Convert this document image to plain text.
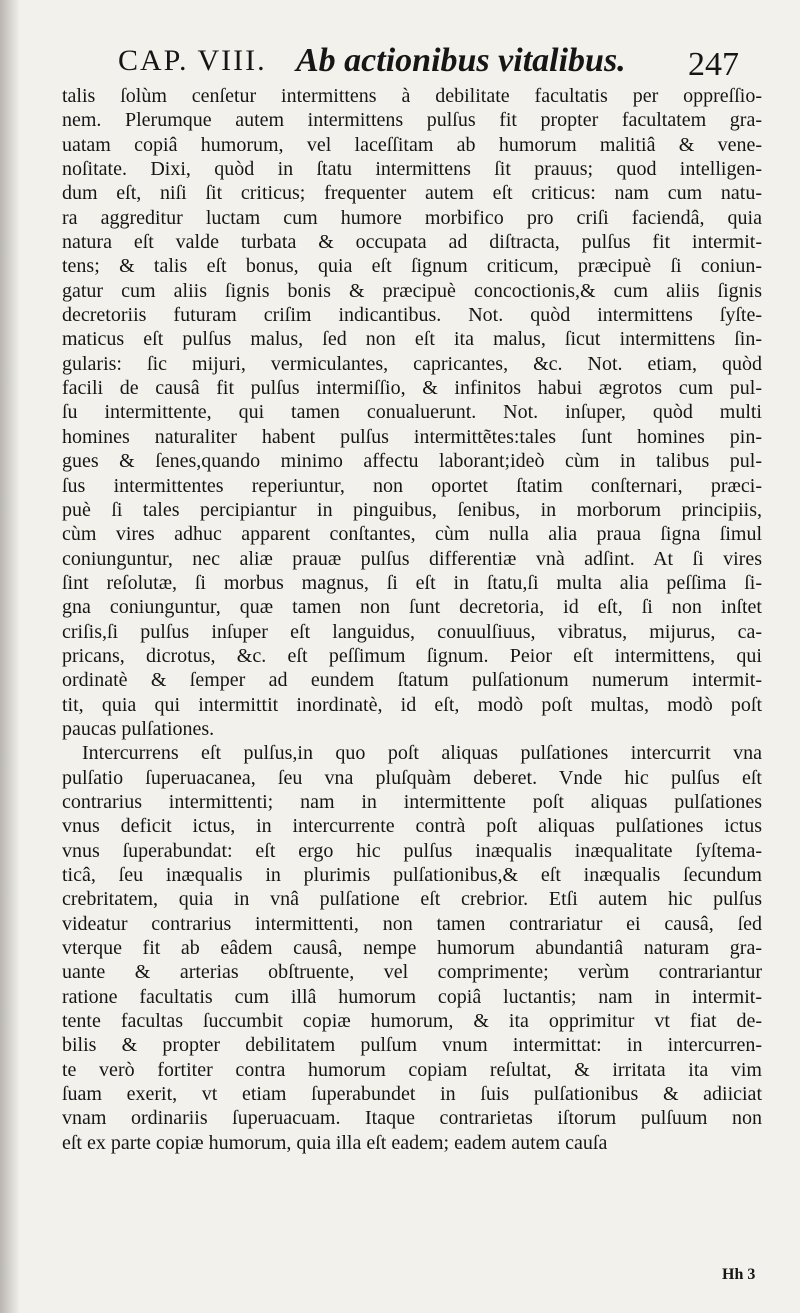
CAP. VIII. Ab actionibus vitalibus. 247
talis ſolùm cenſetur intermittens à debilitate facultatis per oppreſſio-
nem. Plerumque autem intermittens pulſus fit propter facultatem gra-
uatam copiâ humorum, vel laceſſitam ab humorum malitiâ & vene-
noſitate. Dixi, quòd in ſtatu intermittens ſit prauus; quod intelligen-
dum eſt, niſi ſit criticus; frequenter autem eſt criticus: nam cum natu-
ra aggreditur luctam cum humore morbifico pro criſi faciendâ, quia
natura eſt valde turbata & occupata ad diſtracta, pulſus fit intermit-
tens; & talis eſt bonus, quia eſt ſignum criticum, præcipuè ſi coniun-
gatur cum aliis ſignis bonis & præcipuè concoctionis,& cum aliis ſignis
decretoriis futuram criſim indicantibus. Not. quòd intermittens ſyſte-
maticus eſt pulſus malus, ſed non eſt ita malus, ſicut intermittens ſin-
gularis: ſic mijuri, vermiculantes, capricantes, &c. Not. etiam, quòd
facili de causâ fit pulſus intermiſſio, & infinitos habui ægrotos cum pul-
ſu intermittente, qui tamen conualuerunt. Not. inſuper, quòd multi
homines naturaliter habent pulſus intermittẽtes:tales ſunt homines pin-
gues & ſenes,quando minimo affectu laborant;ideò cùm in talibus pul-
ſus intermittentes reperiuntur, non oportet ſtatim conſternari, præci-
puè ſi tales percipiantur in pinguibus, ſenibus, in morborum principiis,
cùm vires adhuc apparent conſtantes, cùm nulla alia praua ſigna ſimul
coniunguntur, nec aliæ prauæ pulſus differentiæ vnà adſint. At ſi vires
ſint reſolutæ, ſi morbus magnus, ſi eſt in ſtatu,ſi multa alia peſſima ſi-
gna coniunguntur, quæ tamen non ſunt decretoria, id eſt, ſi non inſtet
criſis,ſi pulſus inſuper eſt languidus, conuulſiuus, vibratus, mijurus, ca-
pricans, dicrotus, &c. eſt peſſimum ſignum. Peior eſt intermittens, qui
ordinatè & ſemper ad eundem ſtatum pulſationum numerum intermit-
tit, quia qui intermittit inordinatè, id eſt, modò poſt multas, modò poſt
paucas pulſationes.
Intercurrens eſt pulſus,in quo poſt aliquas pulſationes intercurrit vna
pulſatio ſuperuacanea, ſeu vna pluſquàm deberet. Vnde hic pulſus eſt
contrarius intermittenti; nam in intermittente poſt aliquas pulſationes
vnus deficit ictus, in intercurrente contrà poſt aliquas pulſationes ictus
vnus ſuperabundat: eſt ergo hic pulſus inæqualis inæqualitate ſyſtema-
ticâ, ſeu inæqualis in plurimis pulſationibus,& eſt inæqualis ſecundum
crebritatem, quia in vnâ pulſatione eſt crebrior. Etſi autem hic pulſus
videatur contrarius intermittenti, non tamen contrariatur ei causâ, ſed
vterque fit ab eâdem causâ, nempe humorum abundantiâ naturam gra-
uante & arterias obſtruente, vel comprimente; verùm contrariantur
ratione facultatis cum illâ humorum copiâ luctantis; nam in intermit-
tente facultas ſuccumbit copiæ humorum, & ita opprimitur vt fiat de-
bilis & propter debilitatem pulſum vnum intermittat: in intercurren-
te verò fortiter contra humorum copiam reſultat, & irritata ita vim
ſuam exerit, vt etiam ſuperabundet in ſuis pulſationibus & adiiciat
vnam ordinariis ſuperuacuam. Itaque contrarietas iſtorum pulſuum non
eſt ex parte copiæ humorum, quia illa eſt eadem; eadem autem cauſa
Hh 3
